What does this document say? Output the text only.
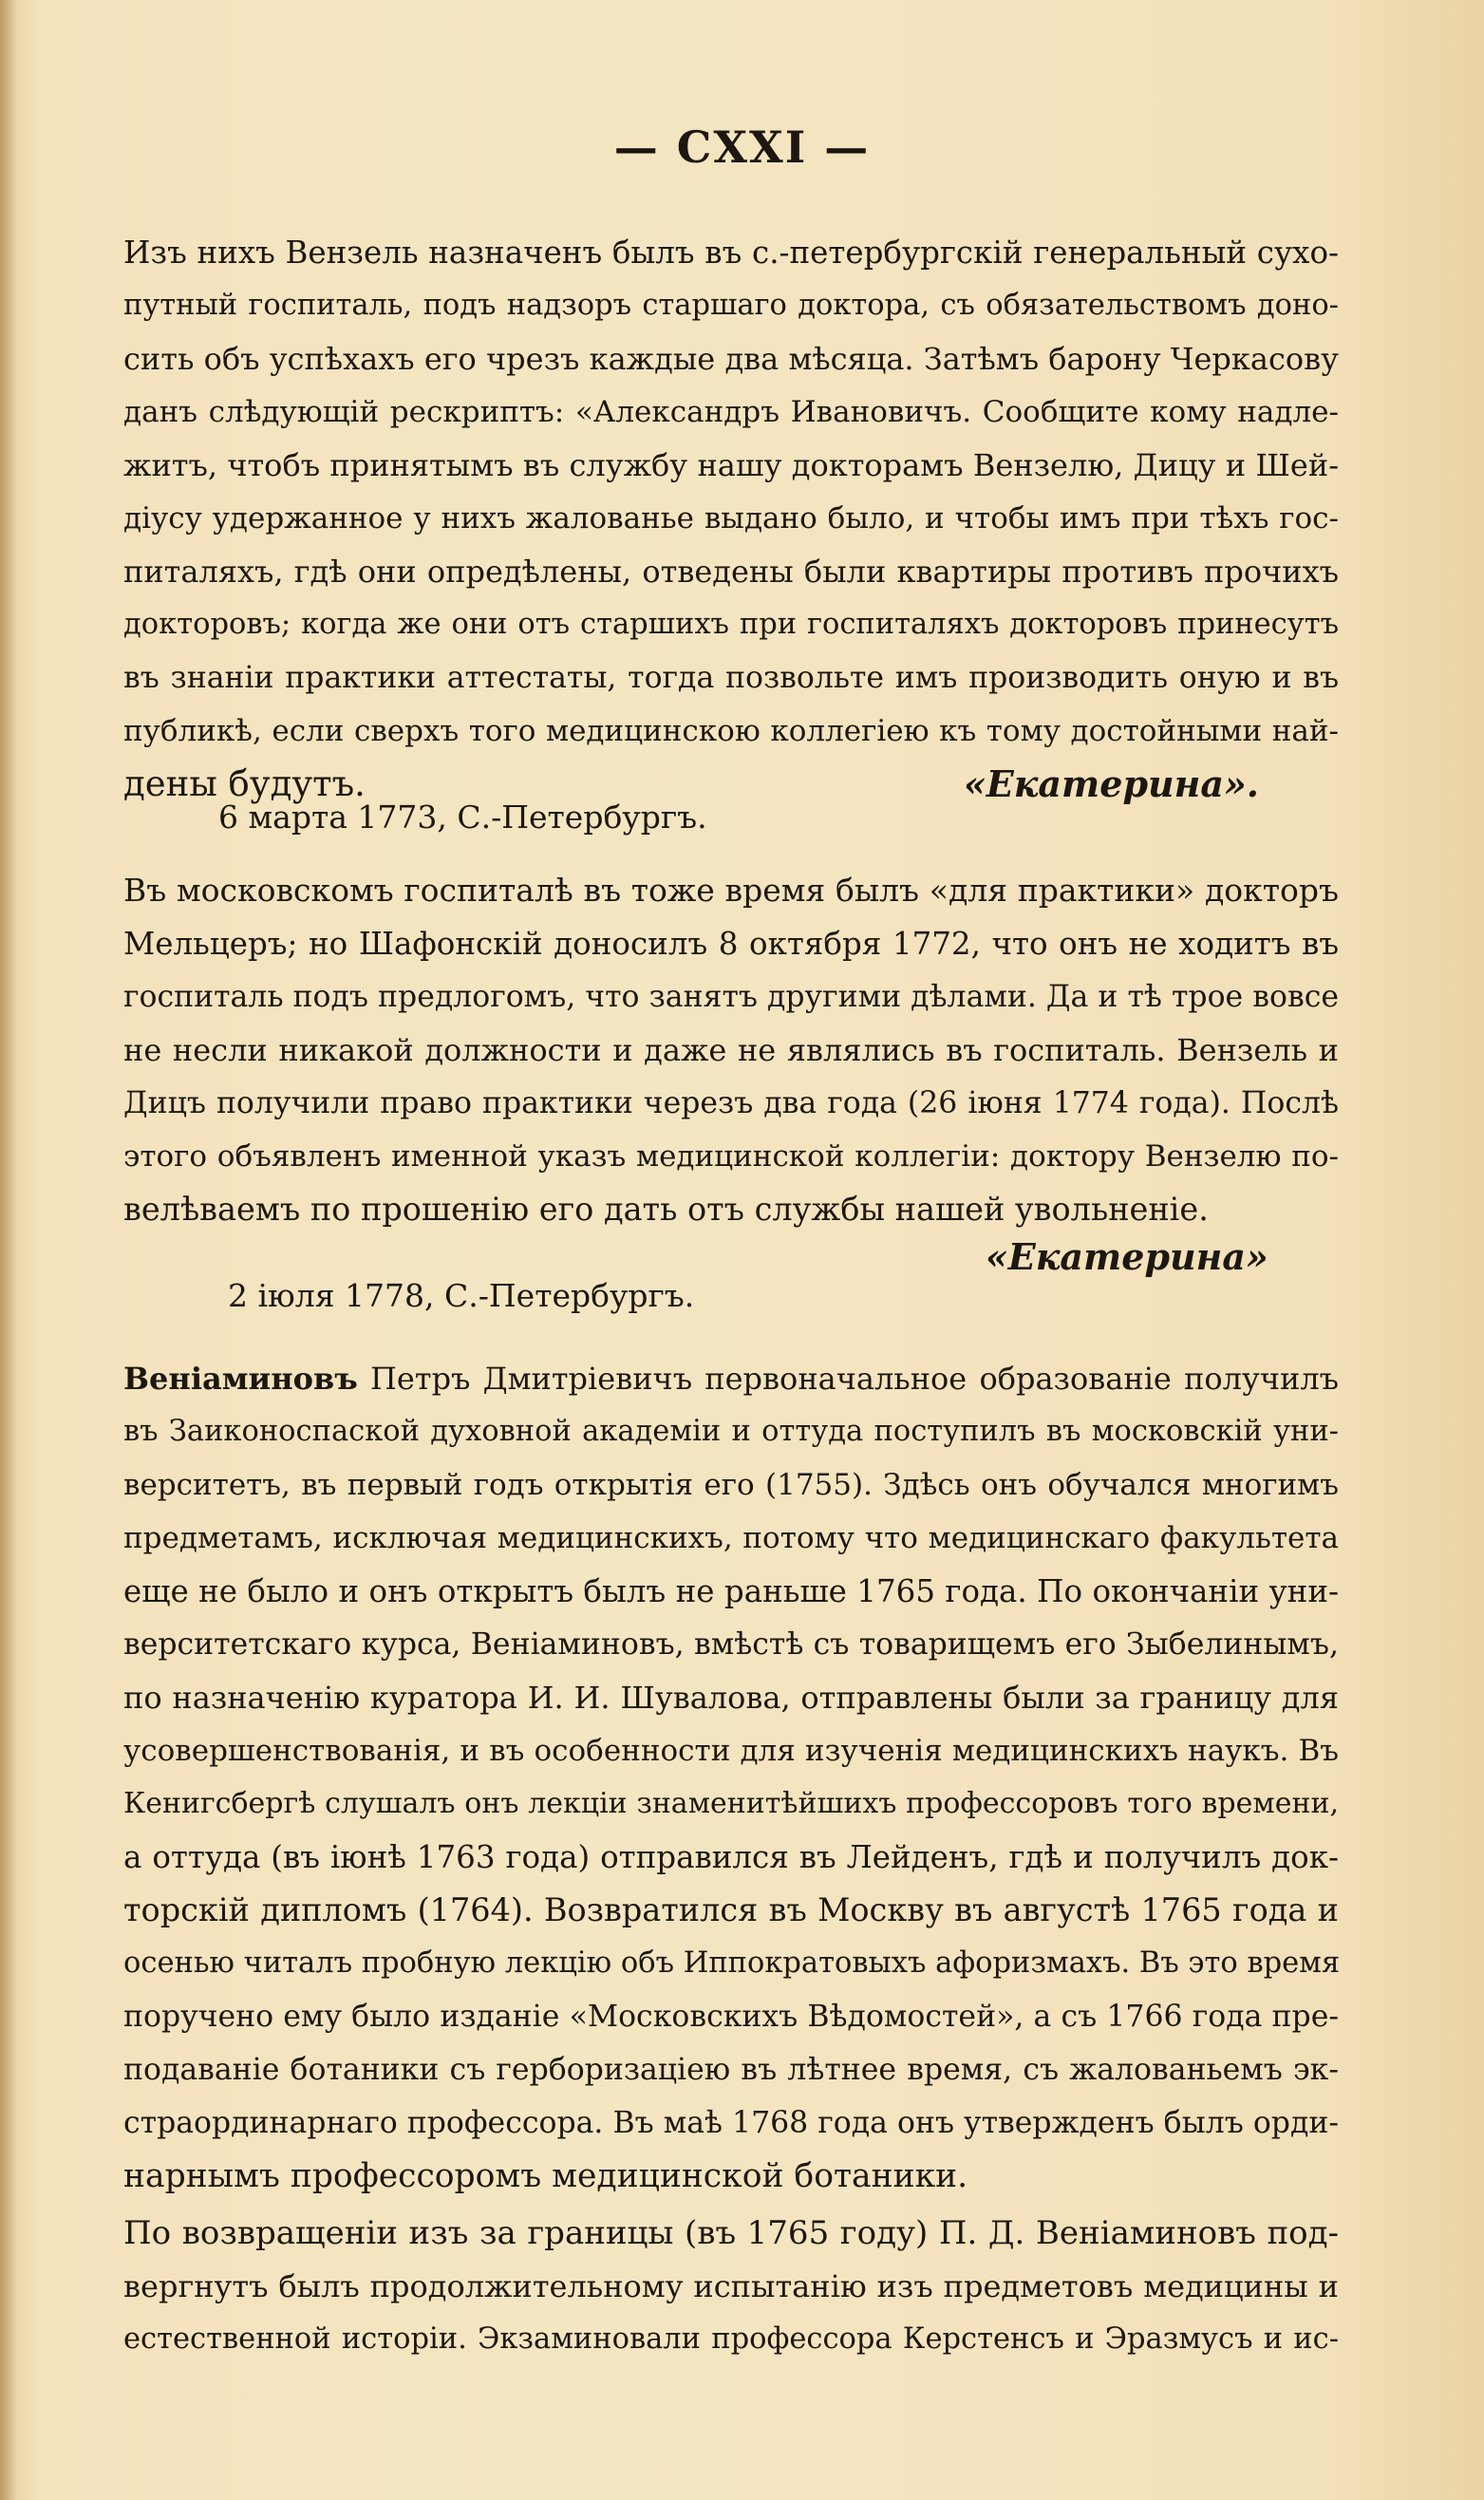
— CXXI —
Изъ нихъ Вензель назначенъ былъ въ с.-петербургскій генеральный сухо-
путный госпиталь, подъ надзоръ старшаго доктора, съ обязательствомъ доно-
сить объ успѣхахъ его чрезъ каждые два мѣсяца. Затѣмъ барону Черкасову
данъ слѣдующій рескриптъ: «Александръ Ивановичъ. Сообщите кому надле-
житъ, чтобъ принятымъ въ службу нашу докторамъ Вензелю, Дицу и Шей-
діусу удержанное у нихъ жалованье выдано было, и чтобы имъ при тѣхъ гос-
питаляхъ, гдѣ они опредѣлены, отведены были квартиры противъ прочихъ
докторовъ; когда же они отъ старшихъ при госпиталяхъ докторовъ принесутъ
въ знаніи практики аттестаты, тогда позвольте имъ производить оную и въ
публикѣ, если сверхъ того медицинскою коллегіею къ тому достойными най-
дены будутъ.	«Екатерина».
6 марта 1773, С.-Петербургъ.
Въ московскомъ госпиталѣ въ тоже время былъ «для практики» докторъ
Мельцеръ; но Шафонскій доносилъ 8 октября 1772, что онъ не ходитъ въ
госпиталь подъ предлогомъ, что занятъ другими дѣлами. Да и тѣ трое вовсе
не несли никакой должности и даже не являлись въ госпиталь. Вензель и
Дицъ получили право практики черезъ два года (26 іюня 1774 года). Послѣ
этого объявленъ именной указъ медицинской коллегіи: доктору Вензелю по-
велѣваемъ по прошенію его дать отъ службы нашей увольненіе.
«Екатерина»
2 іюля 1778, С.-Петербургъ.
Веніаминовъ Петръ Дмитріевичъ первоначальное образованіе получилъ
въ Заиконоспаской духовной академіи и оттуда поступилъ въ московскій уни-
верситетъ, въ первый годъ открытія его (1755). Здѣсь онъ обучался многимъ
предметамъ, исключая медицинскихъ, потому что медицинскаго факультета
еще не было и онъ открытъ былъ не раньше 1765 года. По окончаніи уни-
верситетскаго курса, Веніаминовъ, вмѣстѣ съ товарищемъ его Зыбелинымъ,
по назначенію куратора И. И. Шувалова, отправлены были за границу для
усовершенствованія, и въ особенности для изученія медицинскихъ наукъ. Въ
Кенигсбергѣ слушалъ онъ лекціи знаменитѣйшихъ профессоровъ того времени,
а оттуда (въ іюнѣ 1763 года) отправился въ Лейденъ, гдѣ и получилъ док-
торскій дипломъ (1764). Возвратился въ Москву въ августѣ 1765 года и
осенью читалъ пробную лекцію объ Иппократовыхъ афоризмахъ. Въ это время
поручено ему было изданіе «Московскихъ Вѣдомостей», а съ 1766 года пре-
подаваніе ботаники съ герборизаціею въ лѣтнее время, съ жалованьемъ эк-
страординарнаго профессора. Въ маѣ 1768 года онъ утвержденъ былъ орди-
нарнымъ профессоромъ медицинской ботаники.
По возвращеніи изъ за границы (въ 1765 году) П. Д. Веніаминовъ под-
вергнутъ былъ продолжительному испытанію изъ предметовъ медицины и
естественной исторіи. Экзаминовали профессора Керстенсъ и Эразмусъ и ис-
